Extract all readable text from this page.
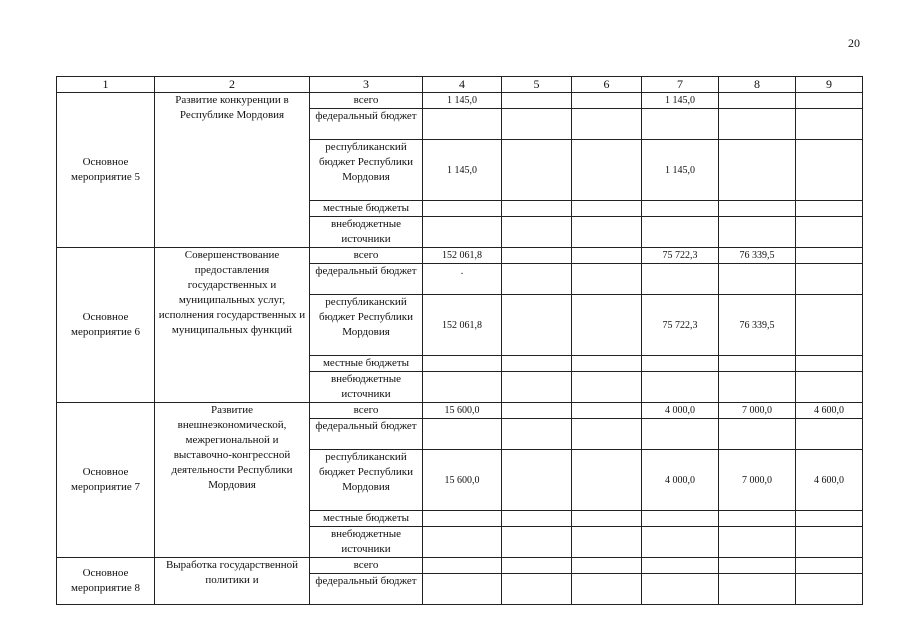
20
1	2	3	4	5	6	7	8	9
Основное мероприятие 5	Развитие конкуренции в Республике Мордовия	всего	1 145,0			1 145,0		
		федеральный бюджет						
		республиканский бюджет Республики Мордовия	1 145,0			1 145,0		
		местные бюджеты						
		внебюджетные источники						
Основное мероприятие 6	Совершенствование предоставления государственных и муниципальных услуг, исполнения государственных и муниципальных функций	всего	152 061,8			75 722,3	76 339,5	
		федеральный бюджет	.					
		республиканский бюджет Республики Мордовия	152 061,8			75 722,3	76 339,5	
		местные бюджеты						
		внебюджетные источники						
Основное мероприятие 7	Развитие внешнеэкономической, межрегиональной и выставочно-конгрессной деятельности Республики Мордовия	всего	15 600,0			4 000,0	7 000,0	4 600,0
		федеральный бюджет						
		республиканский бюджет Республики Мордовия	15 600,0			4 000,0	7 000,0	4 600,0
		местные бюджеты						
		внебюджетные источники						
Основное мероприятие 8	Выработка государственной политики и	всего						
		федеральный бюджет						
